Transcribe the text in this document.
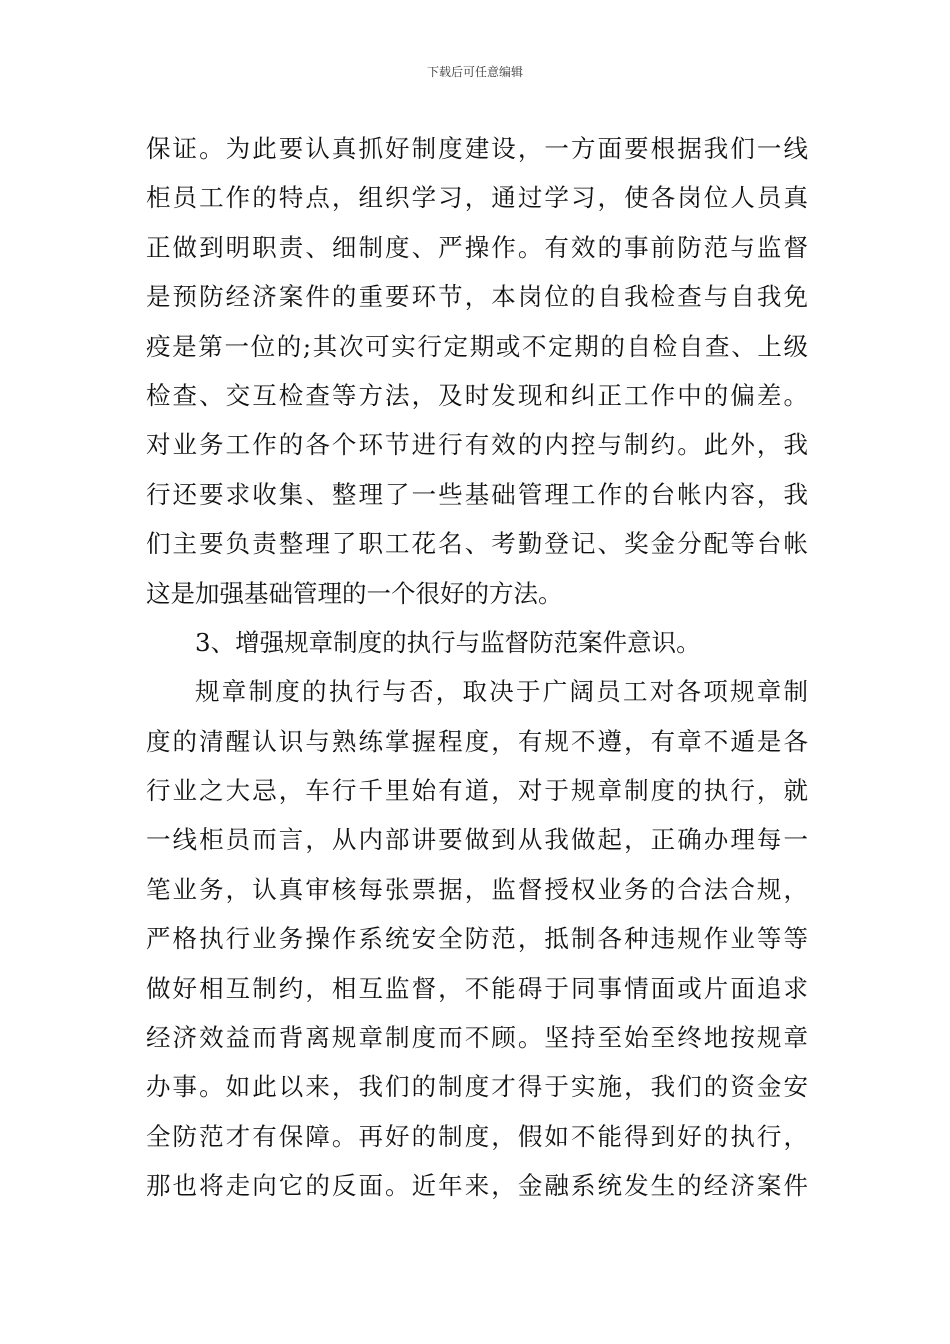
下载后可任意编辑
保证。为此要认真抓好制度建设，一方面要根据我们一线
柜员工作的特点，组织学习，通过学习，使各岗位人员真
正做到明职责、细制度、严操作。有效的事前防范与监督
是预防经济案件的重要环节，本岗位的自我检查与自我免
疫是第一位的;其次可实行定期或不定期的自检自查、上级
检查、交互检查等方法，及时发现和纠正工作中的偏差。
对业务工作的各个环节进行有效的内控与制约。此外，我
行还要求收集、整理了一些基础管理工作的台帐内容，我
们主要负责整理了职工花名、考勤登记、奖金分配等台帐
这是加强基础管理的一个很好的方法。
3、增强规章制度的执行与监督防范案件意识。
规章制度的执行与否，取决于广阔员工对各项规章制
度的清醒认识与熟练掌握程度，有规不遵，有章不遁是各
行业之大忌，车行千里始有道，对于规章制度的执行，就
一线柜员而言，从内部讲要做到从我做起，正确办理每一
笔业务，认真审核每张票据，监督授权业务的合法合规，
严格执行业务操作系统安全防范，抵制各种违规作业等等
做好相互制约，相互监督，不能碍于同事情面或片面追求
经济效益而背离规章制度而不顾。坚持至始至终地按规章
办事。如此以来，我们的制度才得于实施，我们的资金安
全防范才有保障。再好的制度，假如不能得到好的执行，
那也将走向它的反面。近年来，金融系统发生的经济案件
